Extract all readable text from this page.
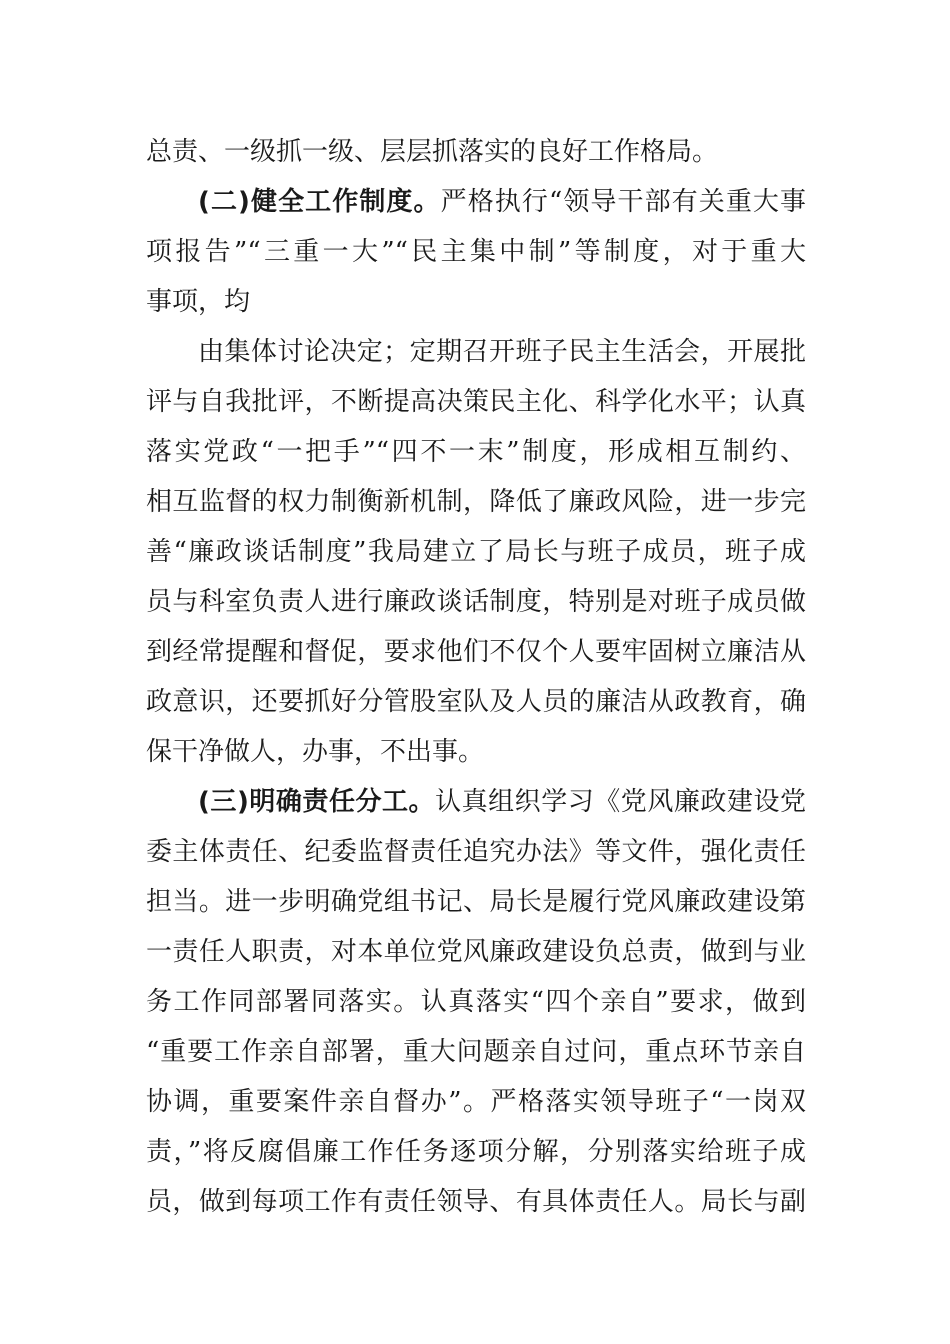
总责、一级抓一级、层层抓落实的良好工作格局。
(二)健全工作制度。严格执行“领导干部有关重大事
项报告”“三重一大”“民主集中制”等制度，对于重大
事项，均
由集体讨论决定；定期召开班子民主生活会，开展批
评与自我批评，不断提高决策民主化、科学化水平；认真
落实党政“一把手”“四不一末”制度，形成相互制约、
相互监督的权力制衡新机制，降低了廉政风险，进一步完
善“廉政谈话制度”我局建立了局长与班子成员，班子成
员与科室负责人进行廉政谈话制度，特别是对班子成员做
到经常提醒和督促，要求他们不仅个人要牢固树立廉洁从
政意识，还要抓好分管股室队及人员的廉洁从政教育，确
保干净做人，办事，不出事。
(三)明确责任分工。认真组织学习《党风廉政建设党
委主体责任、纪委监督责任追究办法》等文件，强化责任
担当。进一步明确党组书记、局长是履行党风廉政建设第
一责任人职责，对本单位党风廉政建设负总责，做到与业
务工作同部署同落实。认真落实“四个亲自”要求，做到
“重要工作亲自部署，重大问题亲自过问，重点环节亲自
协调，重要案件亲自督办”。严格落实领导班子“一岗双
责，”将反腐倡廉工作任务逐项分解，分别落实给班子成
员，做到每项工作有责任领导、有具体责任人。局长与副
